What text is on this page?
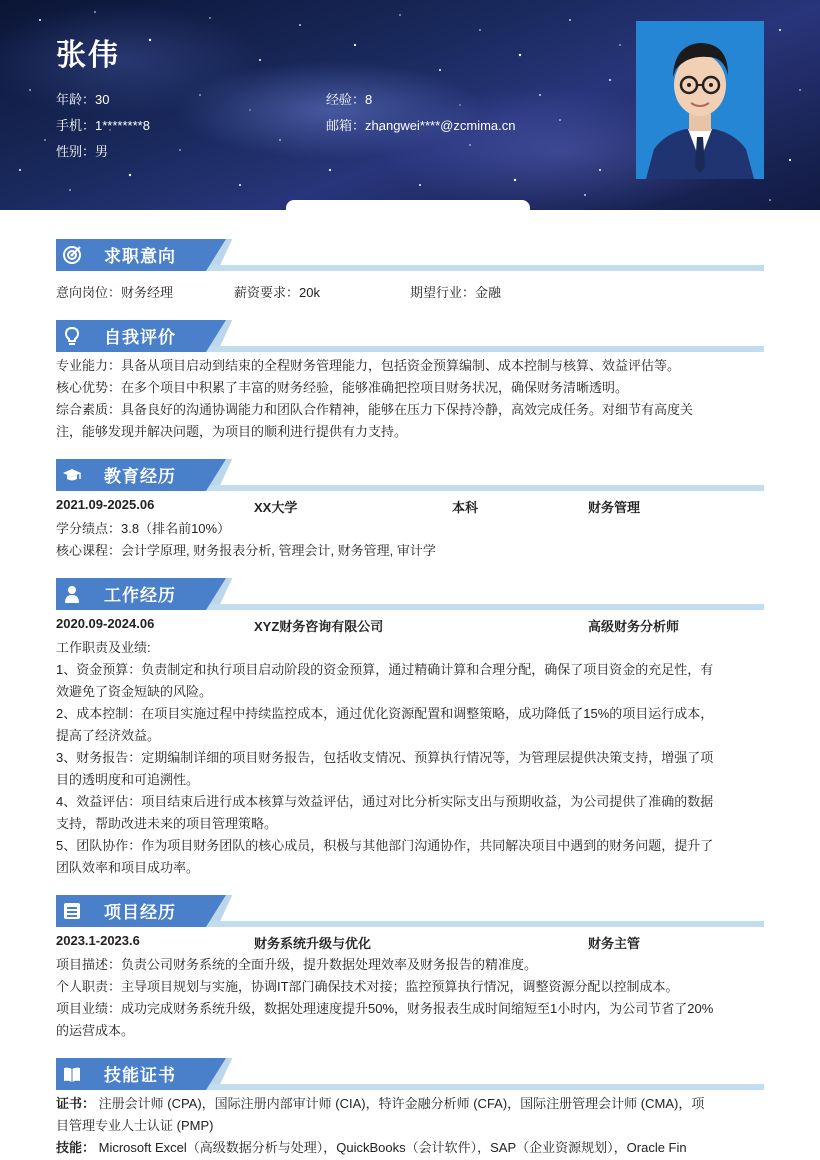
张伟
年龄：30	经验：8
手机：1********8	邮箱：zhangwei****@zcmima.cn
性别：男
求职意向
意向岗位：财务经理	薪资要求：20k	期望行业：金融
自我评价
专业能力：具备从项目启动到结束的全程财务管理能力，包括资金预算编制、成本控制与核算、效益评估等。
核心优势：在多个项目中积累了丰富的财务经验，能够准确把控项目财务状况，确保财务清晰透明。
综合素质：具备良好的沟通协调能力和团队合作精神，能够在压力下保持冷静，高效完成任务。对细节有高度关
注，能够发现并解决问题，为项目的顺利进行提供有力支持。
教育经历
2021.09-2025.06	XX大学	本科	财务管理
学分绩点：3.8（排名前10%）
核心课程：会计学原理, 财务报表分析, 管理会计, 财务管理, 审计学
工作经历
2020.09-2024.06	XYZ财务咨询有限公司	高级财务分析师
工作职责及业绩:
1、资金预算：负责制定和执行项目启动阶段的资金预算，通过精确计算和合理分配，确保了项目资金的充足性，有
效避免了资金短缺的风险。
2、成本控制：在项目实施过程中持续监控成本，通过优化资源配置和调整策略，成功降低了15%的项目运行成本，
提高了经济效益。
3、财务报告：定期编制详细的项目财务报告，包括收支情况、预算执行情况等，为管理层提供决策支持，增强了项
目的透明度和可追溯性。
4、效益评估：项目结束后进行成本核算与效益评估，通过对比分析实际支出与预期收益，为公司提供了准确的数据
支持，帮助改进未来的项目管理策略。
5、团队协作：作为项目财务团队的核心成员，积极与其他部门沟通协作，共同解决项目中遇到的财务问题，提升了
团队效率和项目成功率。
项目经历
2023.1-2023.6	财务系统升级与优化	财务主管
项目描述：负责公司财务系统的全面升级，提升数据处理效率及财务报告的精准度。
个人职责：主导项目规划与实施，协调IT部门确保技术对接；监控预算执行情况，调整资源分配以控制成本。
项目业绩：成功完成财务系统升级，数据处理速度提升50%，财务报表生成时间缩短至1小时内，为公司节省了20%
的运营成本。
技能证书
证书： 注册会计师 (CPA)，国际注册内部审计师 (CIA)，特许金融分析师 (CFA)，国际注册管理会计师 (CMA)，项
目管理专业人士认证 (PMP)
技能： Microsoft Excel（高级数据分析与处理），QuickBooks（会计软件），SAP（企业资源规划），Oracle Fin
